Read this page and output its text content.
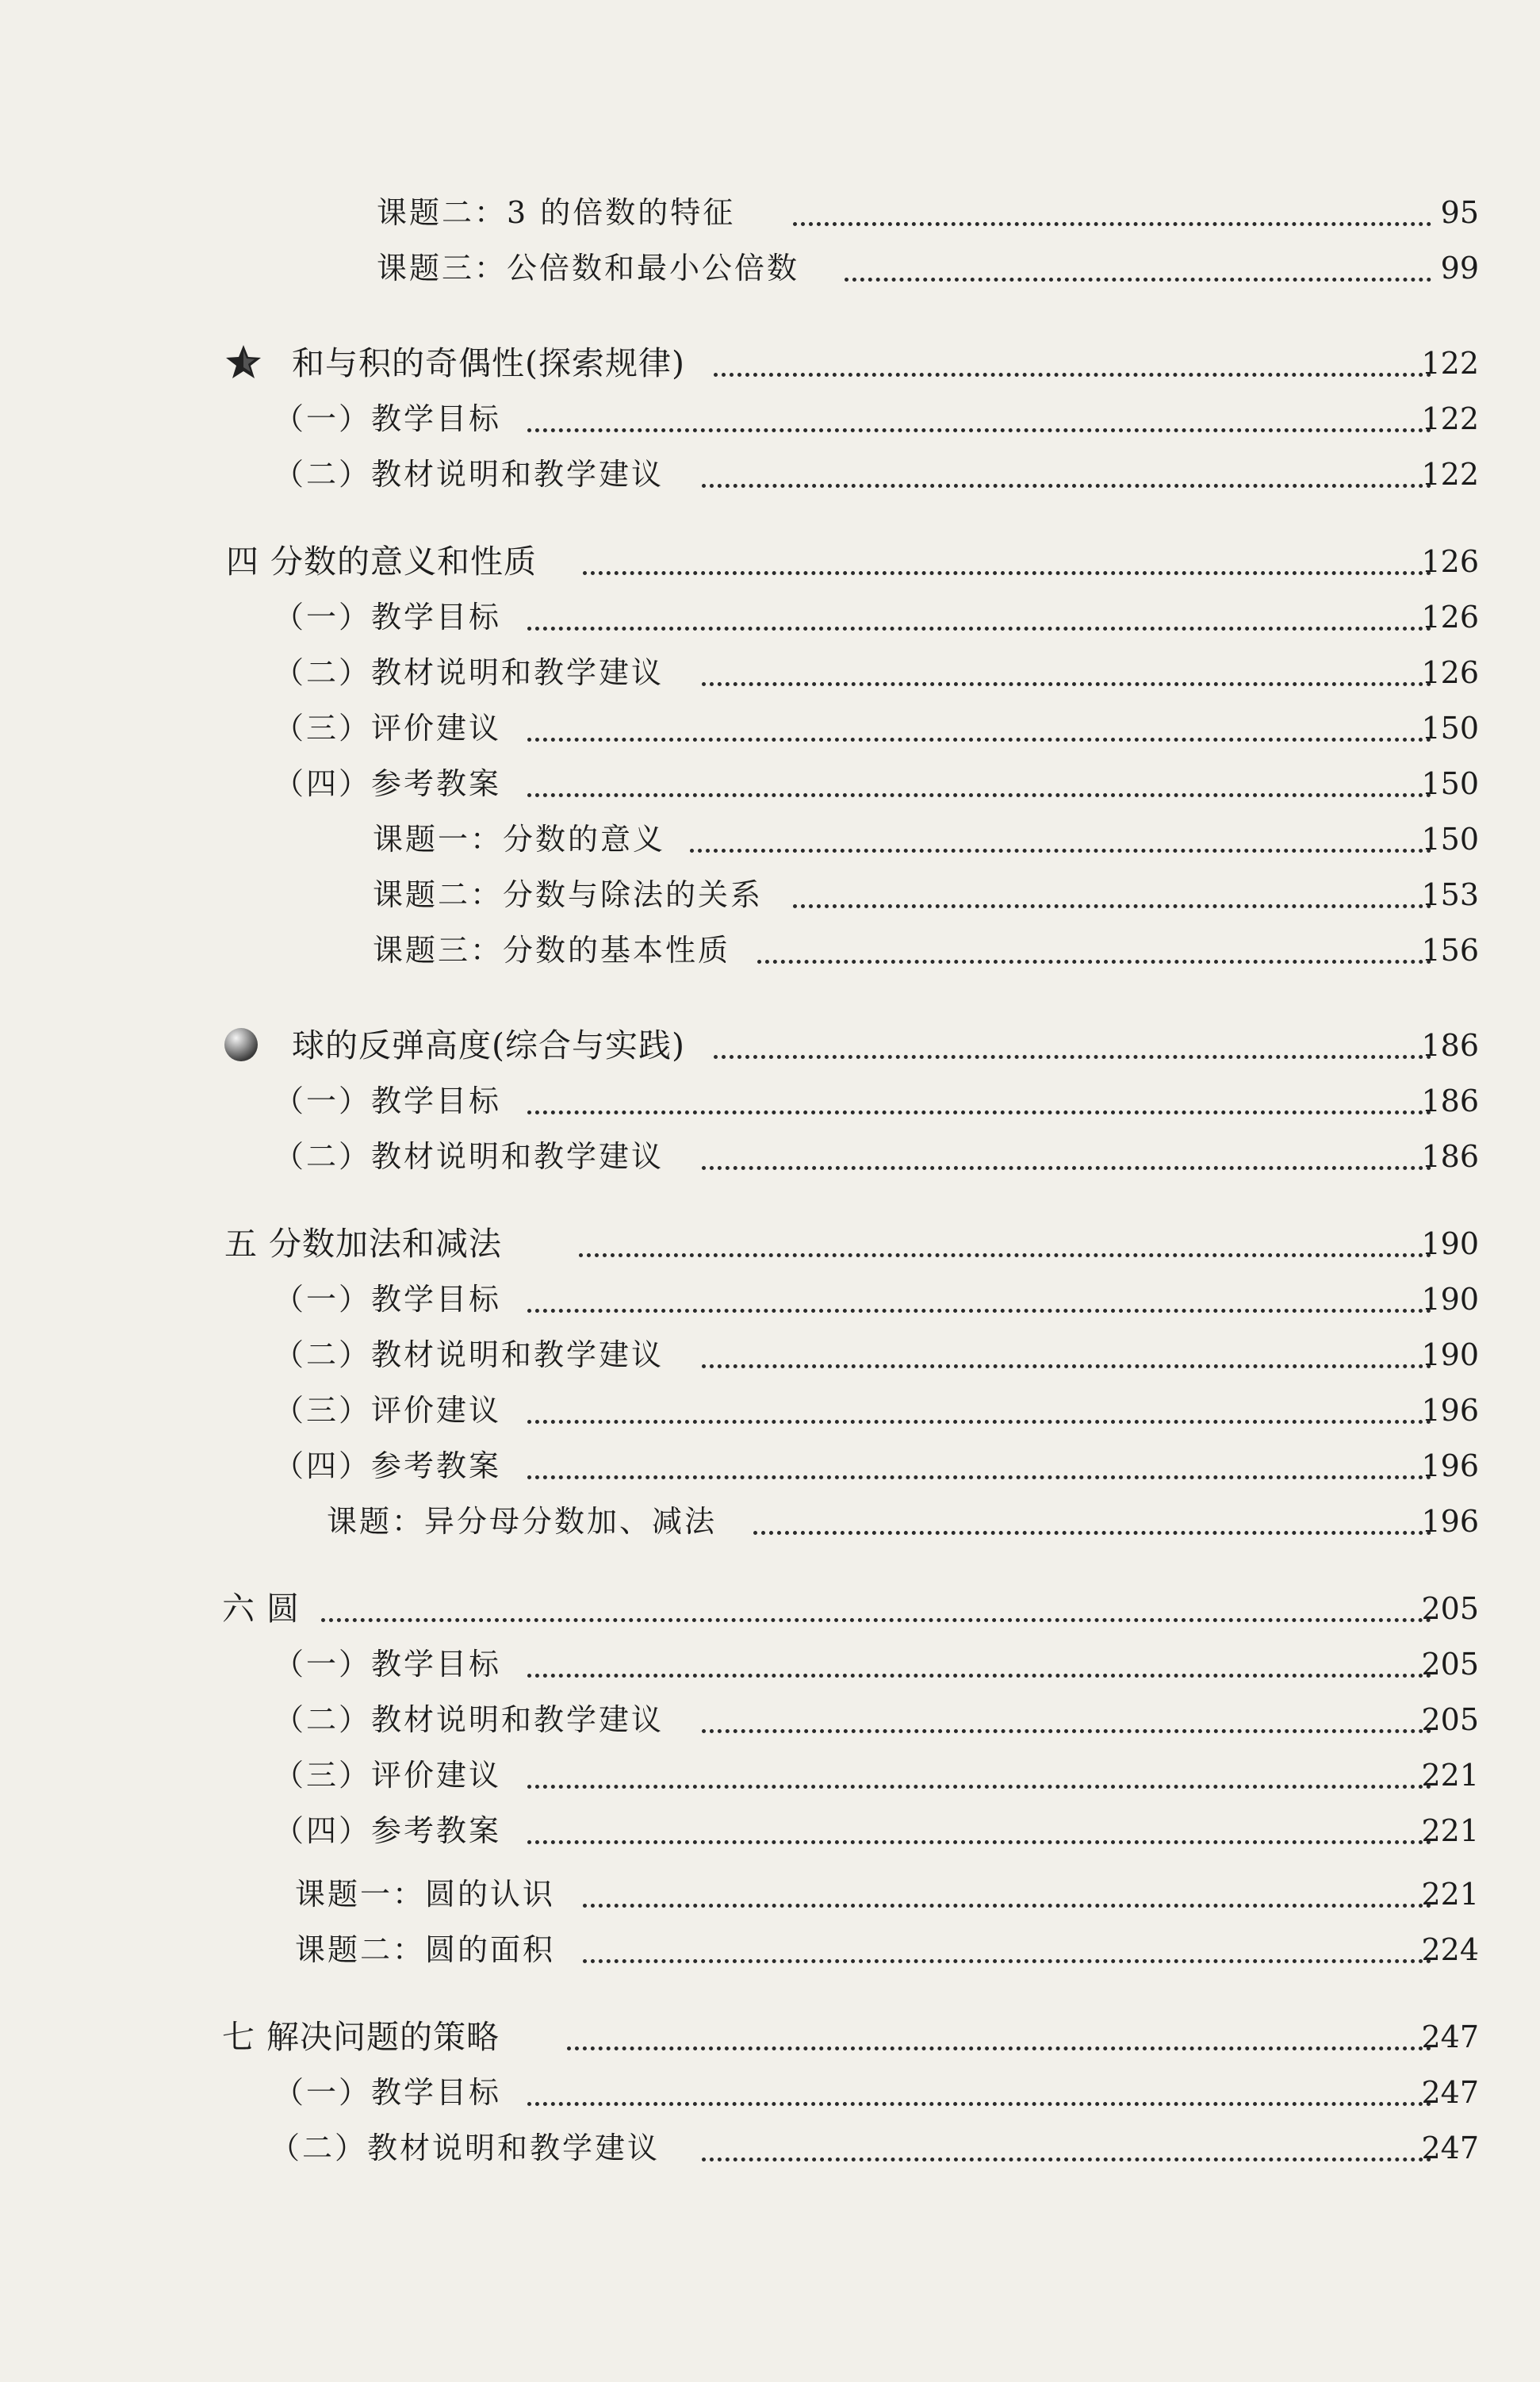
课题二：3 的倍数的特征	95
课题三：公倍数和最小公倍数	99
和与积的奇偶性(探索规律)	122
（一）教学目标	122
（二）教材说明和教学建议	122
四 分数的意义和性质	126
（一）教学目标	126
（二）教材说明和教学建议	126
（三）评价建议	150
（四）参考教案	150
课题一：分数的意义	150
课题二：分数与除法的关系	153
课题三：分数的基本性质	156
球的反弹高度(综合与实践)	186
（一）教学目标	186
（二）教材说明和教学建议	186
五 分数加法和减法	190
（一）教学目标	190
（二）教材说明和教学建议	190
（三）评价建议	196
（四）参考教案	196
课题：异分母分数加、减法	196
六 圆	205
（一）教学目标	205
（二）教材说明和教学建议	205
（三）评价建议	221
（四）参考教案	221
课题一：圆的认识	221
课题二：圆的面积	224
七 解决问题的策略	247
（一）教学目标	247
（二）教材说明和教学建议	247
